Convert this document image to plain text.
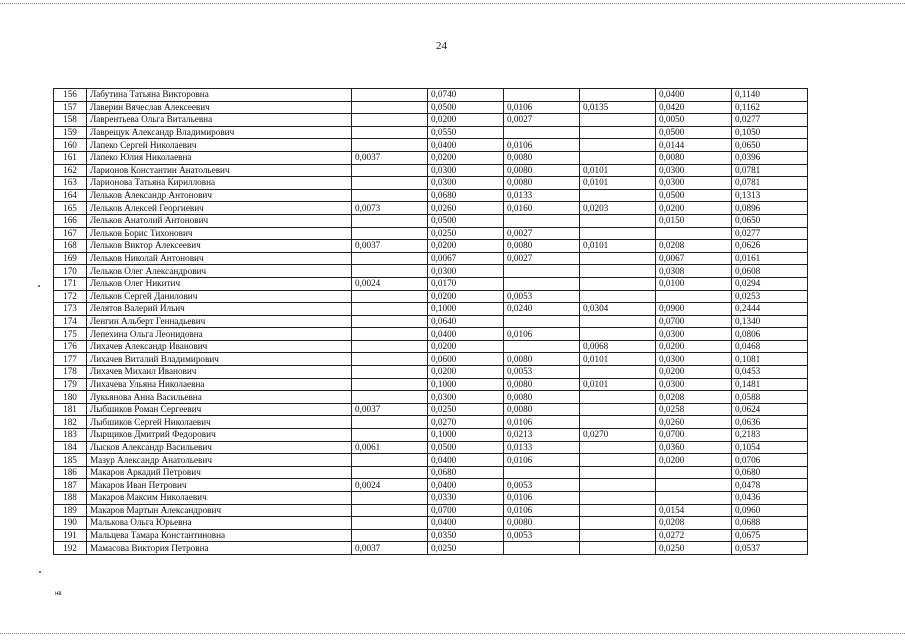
24
156	Лабутина Татьяна Викторовна		0,0740			0,0400	0,1140
157	Лаверин Вячеслав Алексеевич		0,0500	0,0106	0,0135	0,0420	0,1162
158	Лаврентьева Ольга Витальевна		0,0200	0,0027		0,0050	0,0277
159	Лаврещук Александр Владимирович		0,0550			0,0500	0,1050
160	Лапеко Сергей Николаевич		0,0400	0,0106		0,0144	0,0650
161	Лапеко Юлия Николаевна	0,0037	0,0200	0,0080		0,0080	0,0396
162	Ларионов Константин Анатольевич		0,0300	0,0080	0,0101	0,0300	0,0781
163	Ларионова Татьяна Кирилловна		0,0300	0,0080	0,0101	0,0300	0,0781
164	Лельков Александр Антонович		0,0680	0,0133		0,0500	0,1313
165	Лельков Алексей Георгиевич	0,0073	0,0260	0,0160	0,0203	0,0200	0,0896
166	Лельков Анатолий Антонович		0,0500			0,0150	0,0650
167	Лельков Борис Тихонович		0,0250	0,0027			0,0277
168	Лельков Виктор Алексеевич	0,0037	0,0200	0,0080	0,0101	0,0208	0,0626
169	Лельков Николай Антонович		0,0067	0,0027		0,0067	0,0161
170	Лельков Олег Александрович		0,0300			0,0308	0,0608
171	Лельков Олег Никитич	0,0024	0,0170			0,0100	0,0294
172	Лельков Сергей Данилович		0,0200	0,0053			0,0253
173	Лелятов Валерий Ильич		0,1000	0,0240	0,0304	0,0900	0,2444
174	Ленгин Альберт Геннадьевич		0,0640			0,0700	0,1340
175	Лепехина Ольга Леонидовна		0,0400	0,0106		0,0300	0,0806
176	Лихачев Александр Иванович		0,0200		0,0068	0,0200	0,0468
177	Лихачев Виталий Владимирович		0,0600	0,0080	0,0101	0,0300	0,1081
178	Лихачев Михаил Иванович		0,0200	0,0053		0,0200	0,0453
179	Лихачева Ульяна Николаевна		0,1000	0,0080	0,0101	0,0300	0,1481
180	Лукьянова Анна Васильевна		0,0300	0,0080		0,0208	0,0588
181	Лыбшиков Роман Сергеевич	0,0037	0,0250	0,0080		0,0258	0,0624
182	Лыбшиков Сергей Николаевич		0,0270	0,0106		0,0260	0,0636
183	Лырщиков Дмитрий Федорович		0,1000	0,0213	0,0270	0,0700	0,2183
184	Лысков Александр Васильевич	0,0061	0,0500	0,0133		0,0360	0,1054
185	Мазур Александр Анатольевич		0,0400	0,0106		0,0200	0,0706
186	Макаров Аркадий Петрович		0,0680				0,0680
187	Макаров Иван Петрович	0,0024	0,0400	0,0053			0,0478
188	Макаров Максим Николаевич		0,0330	0,0106			0,0436
189	Макаров Мартын Александрович		0,0700	0,0106		0,0154	0,0960
190	Малькова Ольга Юрьевна		0,0400	0,0080		0,0208	0,0688
191	Мальцева Тамара Константиновна		0,0350	0,0053		0,0272	0,0675
192	Мамасова Виктория Петровна	0,0037	0,0250			0,0250	0,0537
нв
